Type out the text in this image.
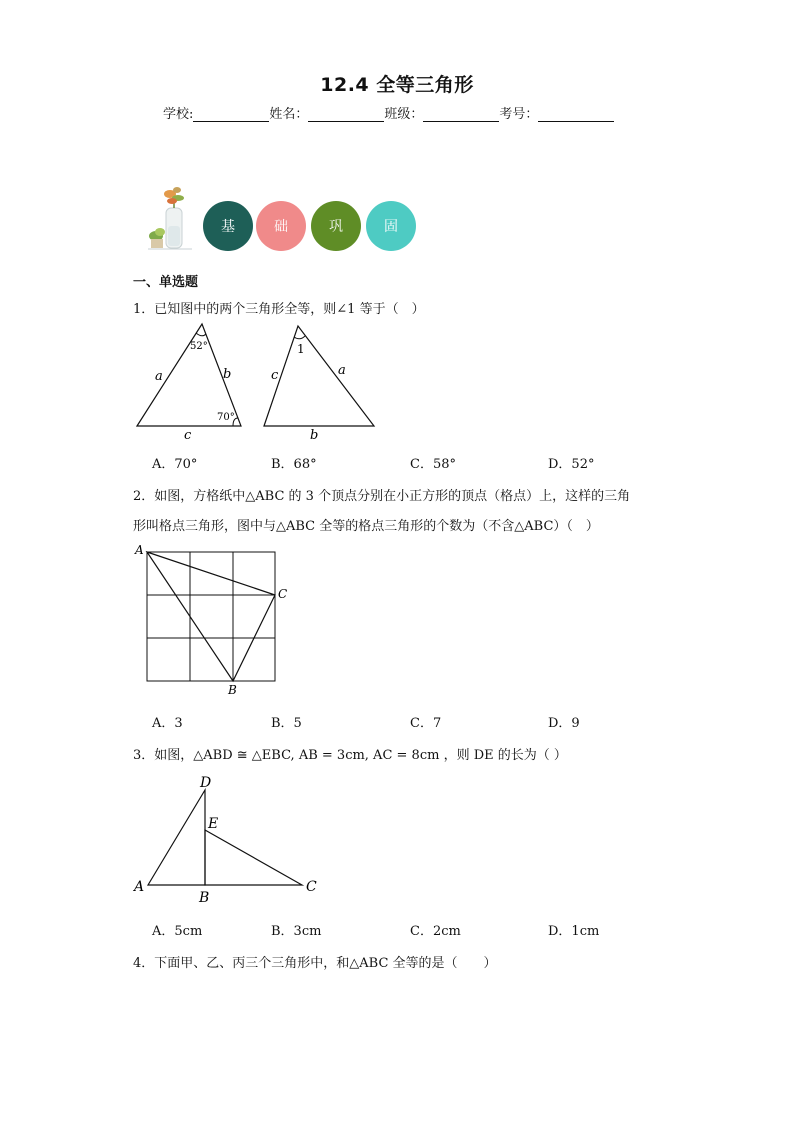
12.4 全等三角形
学校:	姓名：	班级：	考号：
基	础	巩	固
一、单选题
1．已知图中的两个三角形全等，则∠1 等于（　）
52°
70°
a	b
c
1
c	a
b
A．70°	B．68°	C．58°	D．52°
2．如图，方格纸中△ABC 的 3 个顶点分别在小正方形的顶点（格点）上，这样的三角
形叫格点三角形，图中与△ABC 全等的格点三角形的个数为（不含△ABC）（　）
A
C
B
A．3	B．5	C．7	D．9
3．如图，△ABD ≅ △EBC, AB = 3cm, AC = 8cm ，则 DE 的长为（ ）
D
E
A
B
C
A．5cm	B．3cm	C．2cm	D．1cm
4．下面甲、乙、丙三个三角形中，和△ABC 全等的是（　　）
